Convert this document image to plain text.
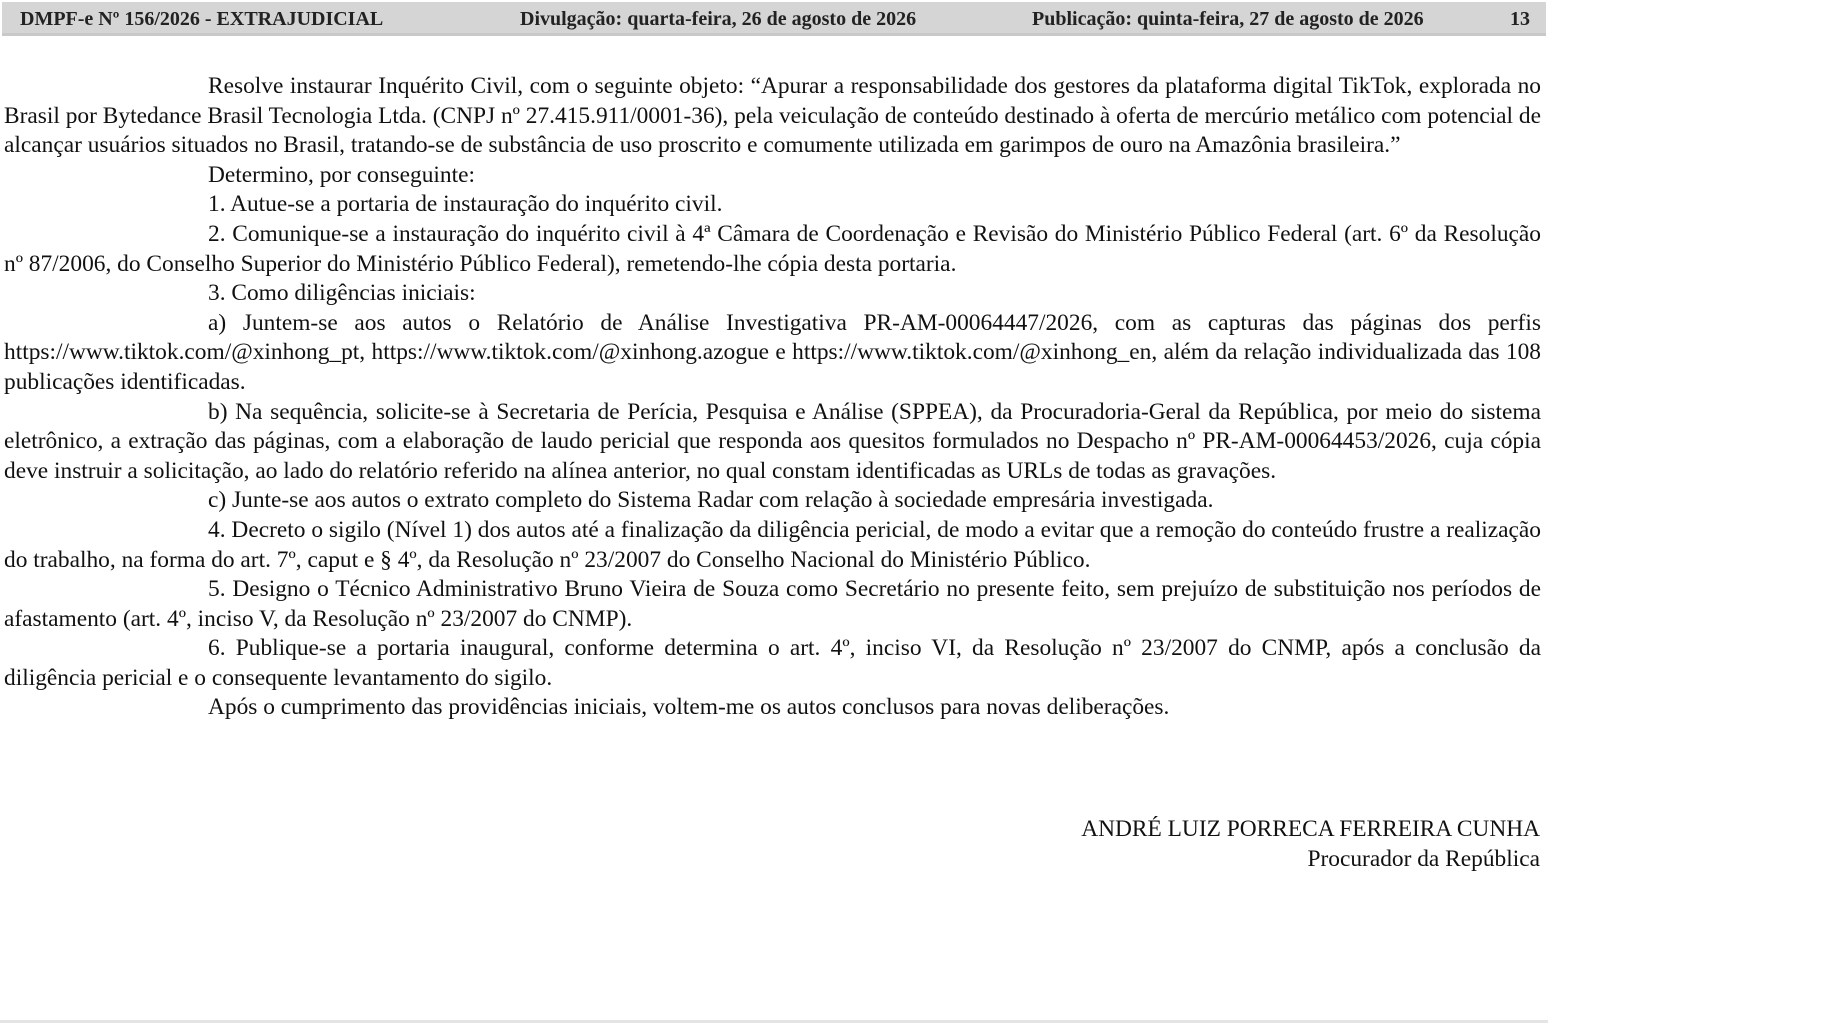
DMPF-e Nº 156/2026 - EXTRAJUDICIAL	Divulgação: quarta-feira, 26 de agosto de 2026	Publicação: quinta-feira, 27 de agosto de 2026	13

Resolve instaurar Inquérito Civil, com o seguinte objeto: “Apurar a responsabilidade dos gestores da plataforma digital TikTok, explorada no Brasil por Bytedance Brasil Tecnologia Ltda. (CNPJ nº 27.415.911/0001-36), pela veiculação de conteúdo destinado à oferta de mercúrio metálico com potencial de alcançar usuários situados no Brasil, tratando-se de substância de uso proscrito e comumente utilizada em garimpos de ouro na Amazônia brasileira.”

Determino, por conseguinte:

1. Autue-se a portaria de instauração do inquérito civil.

2. Comunique-se a instauração do inquérito civil à 4ª Câmara de Coordenação e Revisão do Ministério Público Federal (art. 6º da Resolução nº 87/2006, do Conselho Superior do Ministério Público Federal), remetendo-lhe cópia desta portaria.

3. Como diligências iniciais:

a) Juntem-se aos autos o Relatório de Análise Investigativa PR-AM-00064447/2026, com as capturas das páginas dos perfis https://www.tiktok.com/@xinhong_pt, https://www.tiktok.com/@xinhong.azogue e https://www.tiktok.com/@xinhong_en, além da relação individualizada das 108 publicações identificadas.

b) Na sequência, solicite-se à Secretaria de Perícia, Pesquisa e Análise (SPPEA), da Procuradoria-Geral da República, por meio do sistema eletrônico, a extração das páginas, com a elaboração de laudo pericial que responda aos quesitos formulados no Despacho nº PR-AM-00064453/2026, cuja cópia deve instruir a solicitação, ao lado do relatório referido na alínea anterior, no qual constam identificadas as URLs de todas as gravações.

c) Junte-se aos autos o extrato completo do Sistema Radar com relação à sociedade empresária investigada.

4. Decreto o sigilo (Nível 1) dos autos até a finalização da diligência pericial, de modo a evitar que a remoção do conteúdo frustre a realização do trabalho, na forma do art. 7º, caput e § 4º, da Resolução nº 23/2007 do Conselho Nacional do Ministério Público.

5. Designo o Técnico Administrativo Bruno Vieira de Souza como Secretário no presente feito, sem prejuízo de substituição nos períodos de afastamento (art. 4º, inciso V, da Resolução nº 23/2007 do CNMP).

6. Publique-se a portaria inaugural, conforme determina o art. 4º, inciso VI, da Resolução nº 23/2007 do CNMP, após a conclusão da diligência pericial e o consequente levantamento do sigilo.

Após o cumprimento das providências iniciais, voltem-me os autos conclusos para novas deliberações.

ANDRÉ LUIZ PORRECA FERREIRA CUNHA
Procurador da República
